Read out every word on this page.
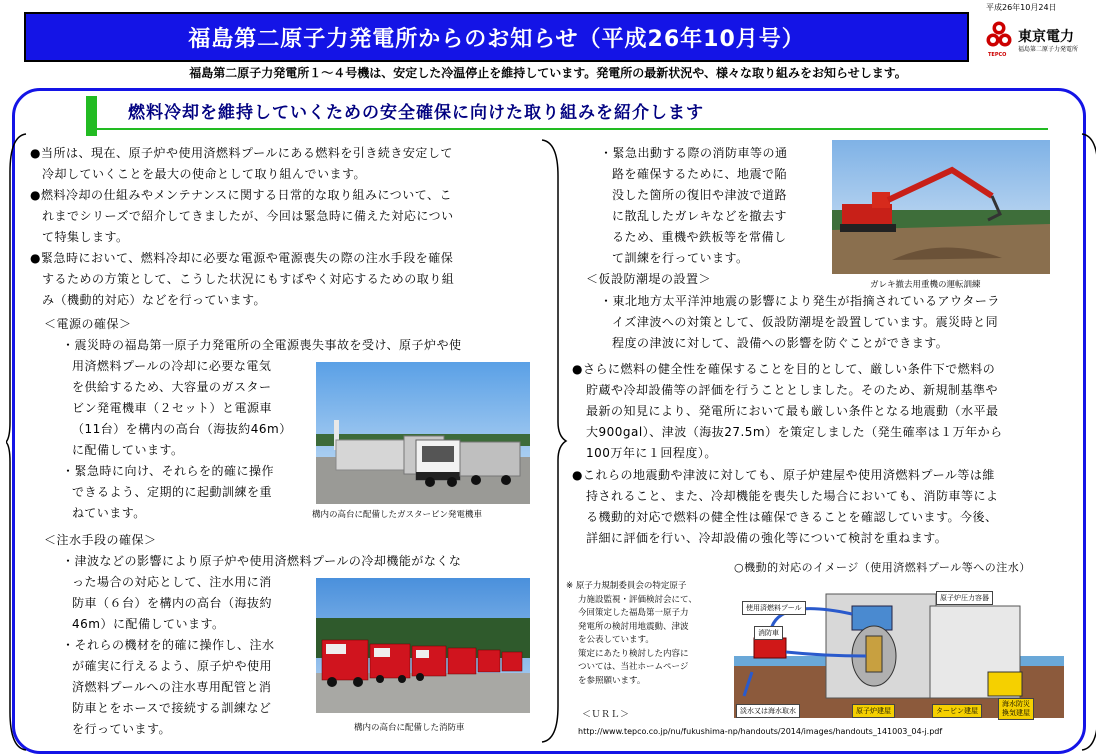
平成26年10月24日
福島第二原子力発電所からのお知らせ（平成26年10月号）	東京電力
福島第二原子力発電所
TEPCO
福島第二原子力発電所１～４号機は、安定した冷温停止を維持しています。発電所の最新状況や、様々な取り組みをお知らせします。
燃料冷却を維持していくための安全確保に向けた取り組みを紹介します
●当所は、現在、原子炉や使用済燃料プールにある燃料を引き続き安定して
冷却していくことを最大の使命として取り組んでいます。
●燃料冷却の仕組みやメンテナンスに関する日常的な取り組みについて、こ
れまでシリーズで紹介してきましたが、今回は緊急時に備えた対応につい
て特集します。
●緊急時において、燃料冷却に必要な電源や電源喪失の際の注水手段を確保
するための方策として、こうした状況にもすばやく対応するための取り組
み（機動的対応）などを行っています。
＜電源の確保＞
・震災時の福島第一原子力発電所の全電源喪失事故を受け、原子炉や使
用済燃料プールの冷却に必要な電気
を供給するため、大容量のガスター
ビン発電機車（２セット）と電源車
（11台）を構内の高台（海抜約46m）
に配備しています。
・緊急時に向け、それらを的確に操作
できるよう、定期的に起動訓練を重
ねています。	構内の高台に配備したガスタービン発電機車
＜注水手段の確保＞
・津波などの影響により原子炉や使用済燃料プールの冷却機能がなくな
った場合の対応として、注水用に消
防車（６台）を構内の高台（海抜約
46m）に配備しています。
・それらの機材を的確に操作し、注水
が確実に行えるよう、原子炉や使用
済燃料プールへの注水専用配管と消
防車とをホースで接続する訓練など
を行っています。	構内の高台に配備した消防車
・緊急出動する際の消防車等の通
路を確保するために、地震で陥
没した箇所の復旧や津波で道路
に散乱したガレキなどを撤去す
るため、重機や鉄板等を常備し
て訓練を行っています。
ガレキ撤去用重機の運転訓練
＜仮設防潮堤の設置＞
・東北地方太平洋沖地震の影響により発生が指摘されているアウターラ
イズ津波への対策として、仮設防潮堤を設置しています。震災時と同
程度の津波に対して、設備への影響を防ぐことができます。
●さらに燃料の健全性を確保することを目的として、厳しい条件下で燃料の
貯蔵や冷却設備等の評価を行うこととしました。そのため、新規制基準や
最新の知見により、発電所において最も厳しい条件となる地震動（水平最
大900gal）、津波（海抜27.5m）を策定しました（発生確率は１万年から
100万年に１回程度）。
●これらの地震動や津波に対しても、原子炉建屋や使用済燃料プール等は維
持されること、また、冷却機能を喪失した場合においても、消防車等によ
る機動的対応で燃料の健全性は確保できることを確認しています。今後、
詳細に評価を行い、冷却設備の強化等について検討を重ねます。
○機動的対応のイメージ（使用済燃料プール等への注水）
※ 原子力規制委員会の特定原子
力施設監視・評価検討会にて、
今回策定した福島第一原子力
発電所の検討用地震動、津波
を公表しています。
策定にあたり検討した内容に
ついては、当社ホームページ
を参照願います。
＜ＵＲＬ＞
http://www.tepco.co.jp/nu/fukushima-np/handouts/2014/images/handouts_141003_04-j.pdf
使用済燃料プール
原子炉圧力容器
消防車
淡水又は海水取水	原子炉建屋	タービン建屋
海水防災
換気建屋
